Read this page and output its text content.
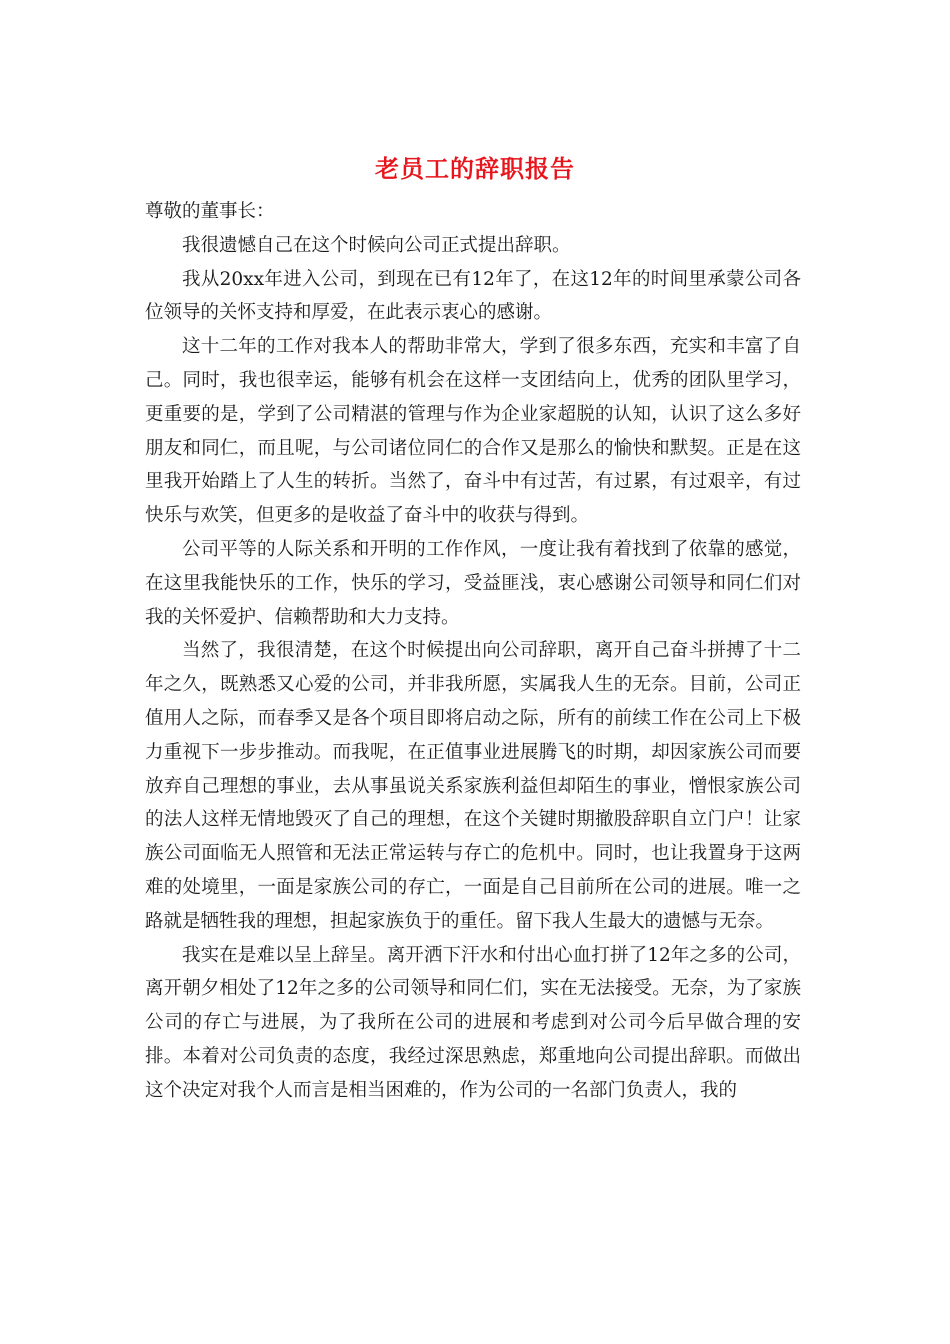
老员工的辞职报告

尊敬的董事长：

我很遗憾自己在这个时候向公司正式提出辞职。

我从20xx年进入公司，到现在已有12年了，在这12年的时间里承蒙公司各位领导的关怀支持和厚爱，在此表示衷心的感谢。

这十二年的工作对我本人的帮助非常大，学到了很多东西，充实和丰富了自己。同时，我也很幸运，能够有机会在这样一支团结向上，优秀的团队里学习，更重要的是，学到了公司精湛的管理与作为企业家超脱的认知，认识了这么多好朋友和同仁，而且呢，与公司诸位同仁的合作又是那么的愉快和默契。正是在这里我开始踏上了人生的转折。当然了，奋斗中有过苦，有过累，有过艰辛，有过快乐与欢笑，但更多的是收益了奋斗中的收获与得到。

公司平等的人际关系和开明的工作作风，一度让我有着找到了依靠的感觉，在这里我能快乐的工作，快乐的学习，受益匪浅，衷心感谢公司领导和同仁们对我的关怀爱护、信赖帮助和大力支持。

当然了，我很清楚，在这个时候提出向公司辞职，离开自己奋斗拼搏了十二年之久，既熟悉又心爱的公司，并非我所愿，实属我人生的无奈。目前，公司正值用人之际，而春季又是各个项目即将启动之际，所有的前续工作在公司上下极力重视下一步步推动。而我呢，在正值事业进展腾飞的时期，却因家族公司而要放弃自己理想的事业，去从事虽说关系家族利益但却陌生的事业，憎恨家族公司的法人这样无情地毁灭了自己的理想，在这个关键时期撤股辞职自立门户！让家族公司面临无人照管和无法正常运转与存亡的危机中。同时，也让我置身于这两难的处境里，一面是家族公司的存亡，一面是自己目前所在公司的进展。唯一之路就是牺牲我的理想，担起家族负于的重任。留下我人生最大的遗憾与无奈。

我实在是难以呈上辞呈。离开洒下汗水和付出心血打拼了12年之多的公司，离开朝夕相处了12年之多的公司领导和同仁们，实在无法接受。无奈，为了家族公司的存亡与进展，为了我所在公司的进展和考虑到对公司今后早做合理的安排。本着对公司负责的态度，我经过深思熟虑，郑重地向公司提出辞职。而做出这个决定对我个人而言是相当困难的，作为公司的一名部门负责人，我的
